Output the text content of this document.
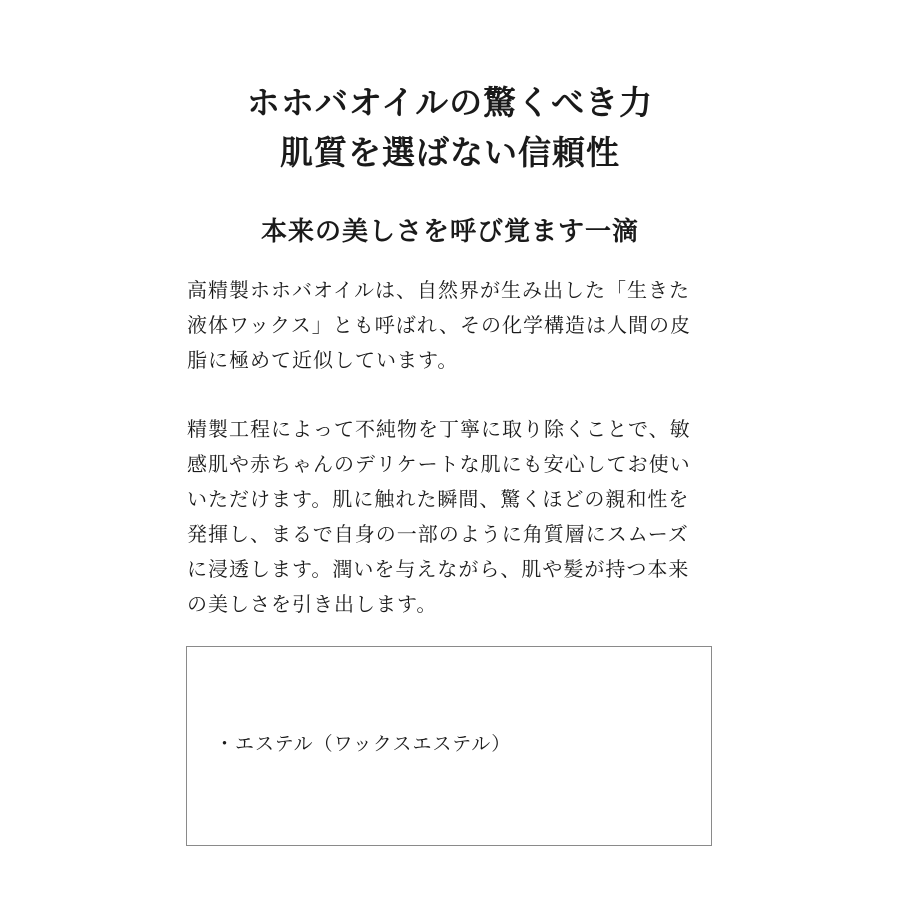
ホホバオイルの驚くべき力
肌質を選ばない信頼性
本来の美しさを呼び覚ます一滴
高精製ホホバオイルは、自然界が生み出した「生きた
液体ワックス」とも呼ばれ、その化学構造は人間の皮
脂に極めて近似しています。
精製工程によって不純物を丁寧に取り除くことで、敏
感肌や赤ちゃんのデリケートな肌にも安心してお使い
いただけます。肌に触れた瞬間、驚くほどの親和性を
発揮し、まるで自身の一部のように角質層にスムーズ
に浸透します。潤いを与えながら、肌や髪が持つ本来
の美しさを引き出します。
・エステル（ワックスエステル）
